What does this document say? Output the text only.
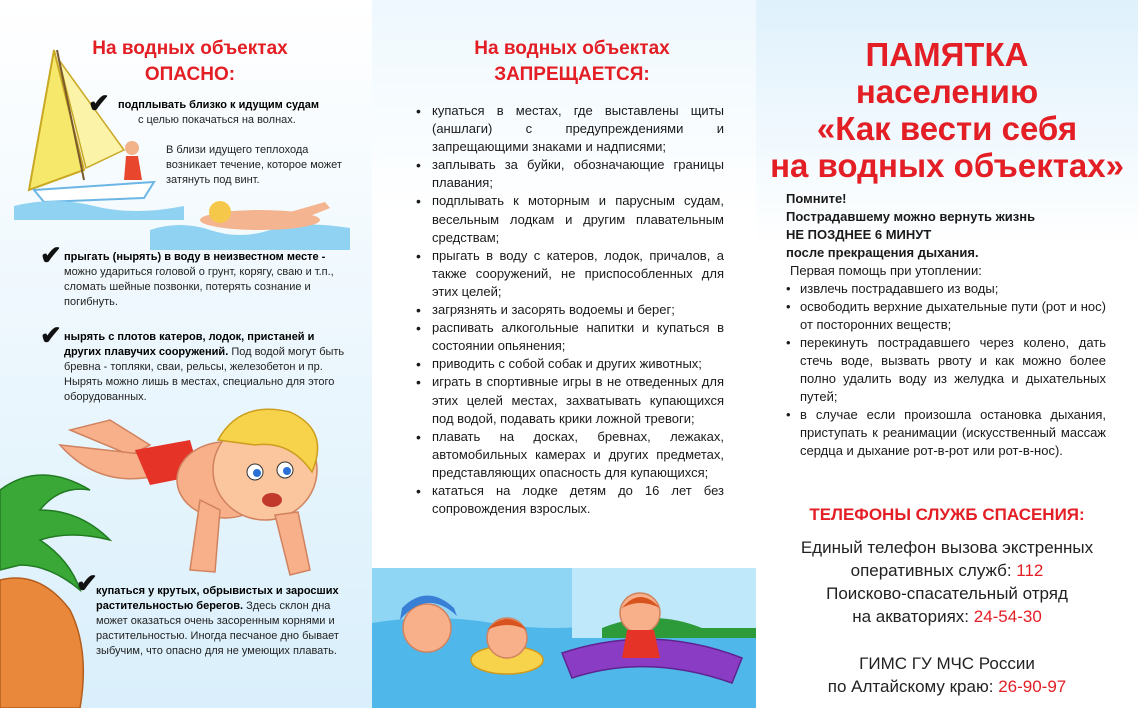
На водных объектах
ОПАСНО:
✔ подплывать близко к идущим судам
с целью покачаться на волнах.
В близи идущего теплохода возникает течение, которое может затянуть под винт.
✔ прыгать (нырять) в воду в неизвестном месте - можно удариться головой о грунт, корягу, сваю и т.п., сломать шейные позвонки, потерять сознание и погибнуть.
✔ нырять с плотов катеров, лодок, пристаней и других плавучих сооружений. Под водой могут быть бревна - топляки, сваи, рельсы, железобетон и пр. Нырять можно лишь в местах, специально для этого оборудованных.
✔
купаться у крутых, обрывистых и заросших растительностью берегов. Здесь склон дна может оказаться очень засоренным корнями и растительностью. Иногда песчаное дно бывает зыбучим, что опасно для не умеющих плавать.
На водных объектах
ЗАПРЕЩАЕТСЯ:
• купаться в местах, где выставлены щиты (аншлаги) с предупреждениями и запрещающими знаками и надписями;
• заплывать за буйки, обозначающие границы плавания;
• подплывать к моторным и парусным судам, весельным лодкам и другим плавательным средствам;
• прыгать в воду с катеров, лодок, причалов, а также сооружений, не приспособленных для этих целей;
• загрязнять и засорять водоемы и берег;
• распивать алкогольные напитки и купаться в состоянии опьянения;
• приводить с собой собак и других животных;
• играть в спортивные игры в не отведенных для этих целей местах, захватывать купающихся под водой, подавать крики ложной тревоги;
• плавать на досках, бревнах, лежаках, автомобильных камерах и других предметах, представляющих опасность для купающихся;
• кататься на лодке детям до 16 лет без сопровождения взрослых.
ПАМЯТКА
населению
«Как вести себя
на водных объектах»
Помните!
Пострадавшему можно вернуть жизнь
НЕ ПОЗДНЕЕ 6 МИНУТ
после прекращения дыхания.
Первая помощь при утоплении:
• извлечь пострадавшего из воды;
• освободить верхние дыхательные пути (рот и нос) от посторонних веществ;
• перекинуть пострадавшего через колено, дать стечь воде, вызвать рвоту и как можно более полно удалить воду из желудка и дыхательных путей;
• в случае если произошла остановка дыхания, приступать к реанимации (искусственный массаж сердца и дыхание рот-в-рот или рот-в-нос).
ТЕЛЕФОНЫ СЛУЖБ СПАСЕНИЯ:
Единый телефон вызова экстренных
оперативных служб: 112
Поисково-спасательный отряд
на акваториях: 24-54-30
ГИМС ГУ МЧС России
по Алтайскому краю: 26-90-97
